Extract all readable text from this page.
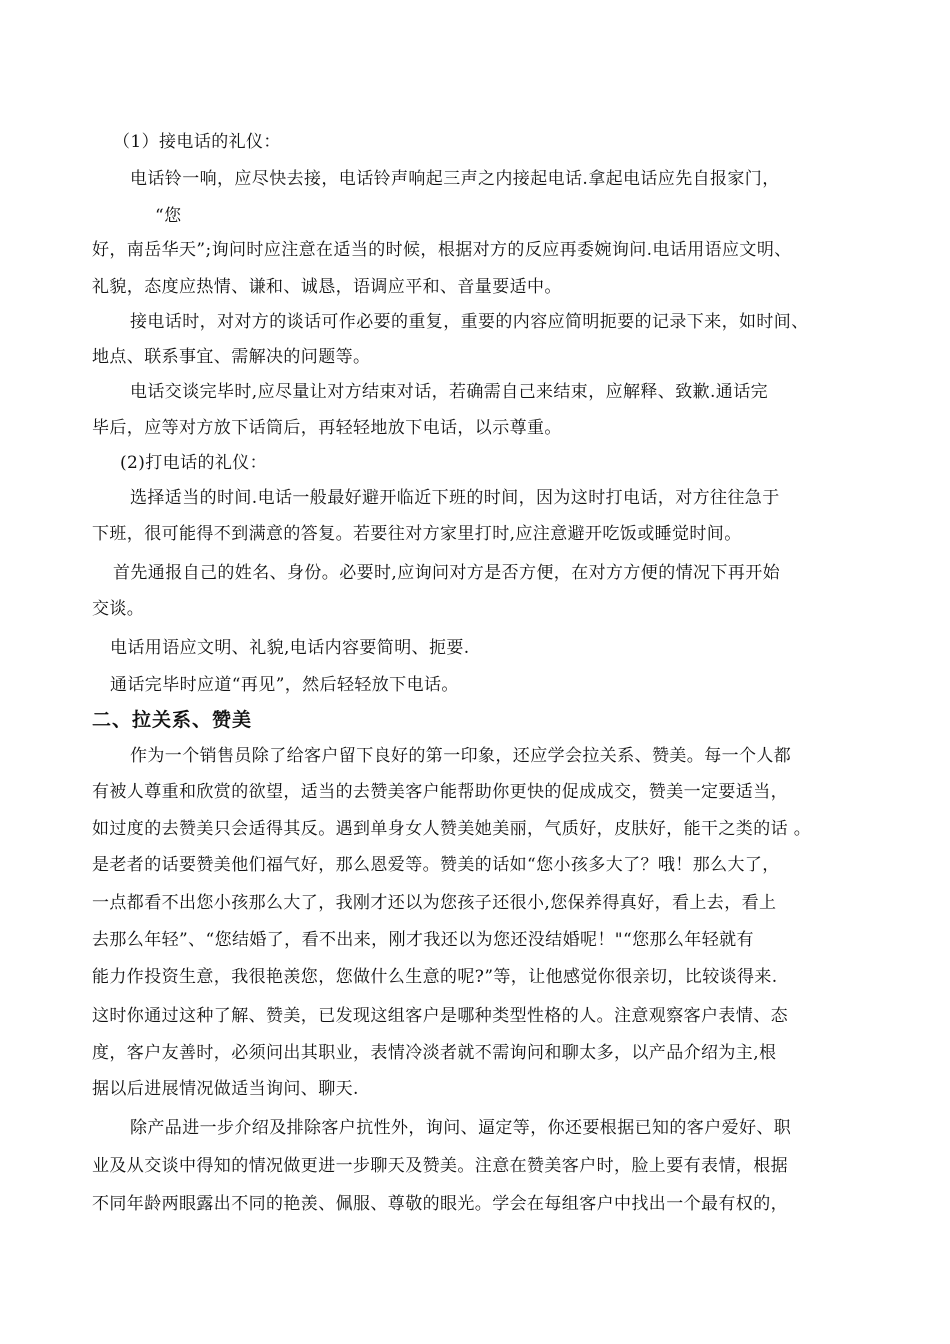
（1）接电话的礼仪：
电话铃一响，应尽快去接，电话铃声响起三声之内接起电话.拿起电话应先自报家门，
“您
好，南岳华天”;询问时应注意在适当的时候，根据对方的反应再委婉询问.电话用语应文明、
礼貌，态度应热情、谦和、诚恳，语调应平和、音量要适中。
接电话时，对对方的谈话可作必要的重复，重要的内容应简明扼要的记录下来，如时间、
地点、联系事宜、需解决的问题等。
电话交谈完毕时,应尽量让对方结束对话，若确需自己来结束，应解释、致歉.通话完
毕后，应等对方放下话筒后，再轻轻地放下电话，以示尊重。
(2)打电话的礼仪：
选择适当的时间.电话一般最好避开临近下班的时间，因为这时打电话，对方往往急于
下班，很可能得不到满意的答复。若要往对方家里打时,应注意避开吃饭或睡觉时间。
首先通报自己的姓名、身份。必要时,应询问对方是否方便，在对方方便的情况下再开始
交谈。
电话用语应文明、礼貌,电话内容要简明、扼要.
通话完毕时应道“再见”，然后轻轻放下电话。
二、拉关系、赞美
作为一个销售员除了给客户留下良好的第一印象，还应学会拉关系、赞美。每一个人都
有被人尊重和欣赏的欲望，适当的去赞美客户能帮助你更快的促成成交，赞美一定要适当，
如过度的去赞美只会适得其反。遇到单身女人赞美她美丽，气质好，皮肤好，能干之类的话 。
是老者的话要赞美他们福气好，那么恩爱等。赞美的话如“您小孩多大了？哦！那么大了，
一点都看不出您小孩那么大了，我刚才还以为您孩子还很小,您保养得真好，看上去，看上
去那么年轻”、“您结婚了，看不出来，刚才我还以为您还没结婚呢！"“您那么年轻就有
能力作投资生意，我很艳羡您，您做什么生意的呢?”等，让他感觉你很亲切，比较谈得来.
这时你通过这种了解、赞美，已发现这组客户是哪种类型性格的人。注意观察客户表情、态
度，客户友善时，必须问出其职业，表情冷淡者就不需询问和聊太多，以产品介绍为主,根
据以后进展情况做适当询问、聊天.
除产品进一步介绍及排除客户抗性外，询问、逼定等，你还要根据已知的客户爱好、职
业及从交谈中得知的情况做更进一步聊天及赞美。注意在赞美客户时，脸上要有表情，根据
不同年龄两眼露出不同的艳羡、佩服、尊敬的眼光。学会在每组客户中找出一个最有权的，
